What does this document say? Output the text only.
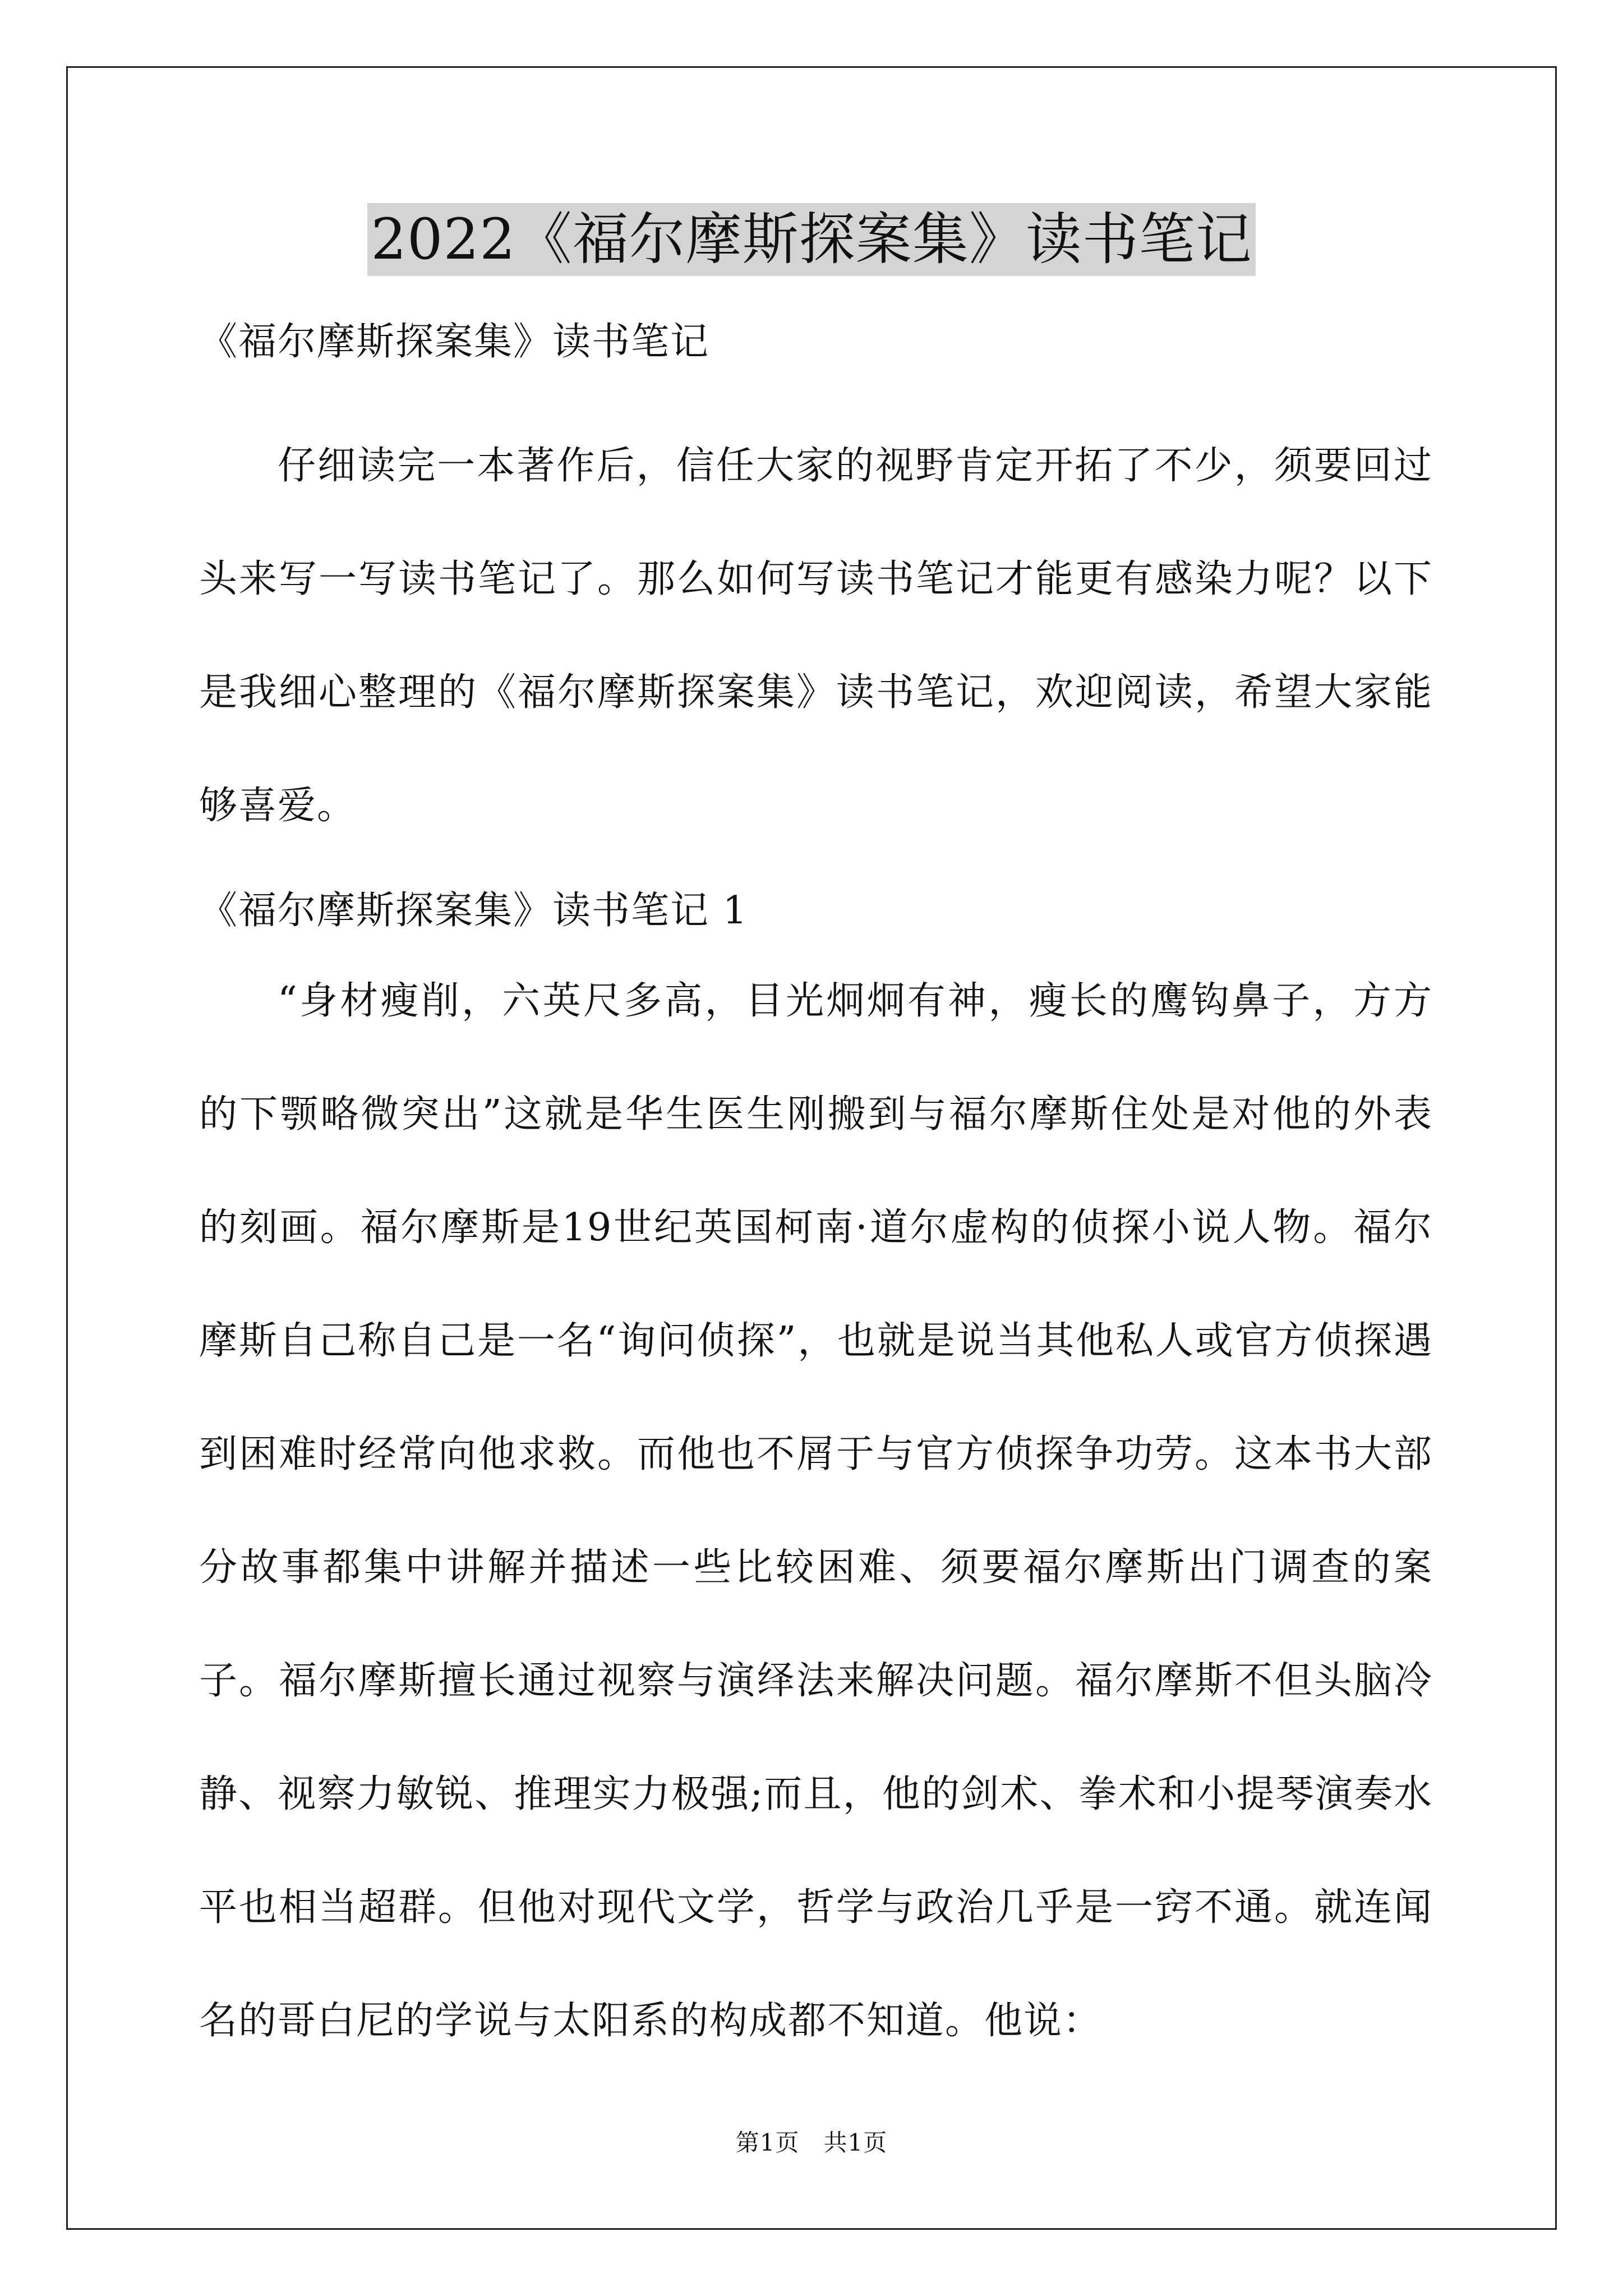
2022《福尔摩斯探案集》读书笔记

《福尔摩斯探案集》读书笔记

仔细读完一本著作后，信任大家的视野肯定开拓了不少，须要回过头来写一写读书笔记了。那么如何写读书笔记才能更有感染力呢？以下是我细心整理的《福尔摩斯探案集》读书笔记，欢迎阅读，希望大家能够喜爱。

《福尔摩斯探案集》读书笔记 1

“身材瘦削，六英尺多高，目光炯炯有神，瘦长的鹰钩鼻子，方方的下颚略微突出”这就是华生医生刚搬到与福尔摩斯住处是对他的外表的刻画。福尔摩斯是19世纪英国柯南·道尔虚构的侦探小说人物。福尔摩斯自己称自己是一名“询问侦探”，也就是说当其他私人或官方侦探遇到困难时经常向他求救。而他也不屑于与官方侦探争功劳。这本书大部分故事都集中讲解并描述一些比较困难、须要福尔摩斯出门调查的案子。福尔摩斯擅长通过视察与演绎法来解决问题。福尔摩斯不但头脑冷静、视察力敏锐、推理实力极强;而且，他的剑术、拳术和小提琴演奏水平也相当超群。但他对现代文学，哲学与政治几乎是一窍不通。就连闻名的哥白尼的学说与太阳系的构成都不知道。他说：

第1页　共1页
